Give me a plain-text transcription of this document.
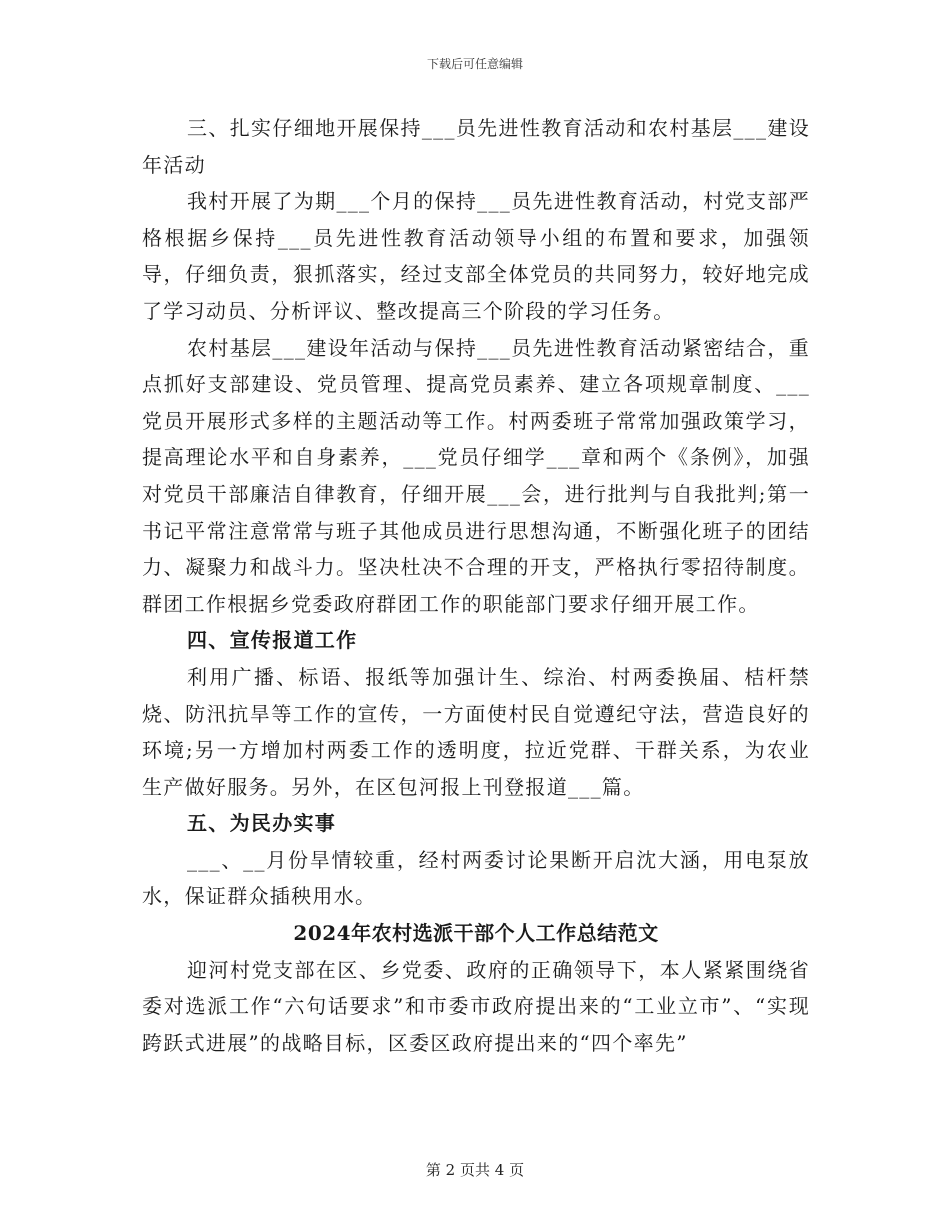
下载后可任意编辑

三、扎实仔细地开展保持___员先进性教育活动和农村基层___建设年活动

我村开展了为期___个月的保持___员先进性教育活动，村党支部严格根据乡保持___员先进性教育活动领导小组的布置和要求，加强领导，仔细负责，狠抓落实，经过支部全体党员的共同努力，较好地完成了学习动员、分析评议、整改提高三个阶段的学习任务。

农村基层___建设年活动与保持___员先进性教育活动紧密结合，重点抓好支部建设、党员管理、提高党员素养、建立各项规章制度、___党员开展形式多样的主题活动等工作。村两委班子常常加强政策学习，提高理论水平和自身素养，___党员仔细学___章和两个《条例》，加强对党员干部廉洁自律教育，仔细开展___会，进行批判与自我批判;第一书记平常注意常常与班子其他成员进行思想沟通，不断强化班子的团结力、凝聚力和战斗力。坚决杜决不合理的开支，严格执行零招待制度。群团工作根据乡党委政府群团工作的职能部门要求仔细开展工作。

四、宣传报道工作

利用广播、标语、报纸等加强计生、综治、村两委换届、桔杆禁烧、防汛抗旱等工作的宣传，一方面使村民自觉遵纪守法，营造良好的环境;另一方增加村两委工作的透明度，拉近党群、干群关系，为农业生产做好服务。另外，在区包河报上刊登报道___篇。

五、为民办实事

___、__月份旱情较重，经村两委讨论果断开启沈大涵，用电泵放水，保证群众插秧用水。

2024年农村选派干部个人工作总结范文

迎河村党支部在区、乡党委、政府的正确领导下，本人紧紧围绕省委对选派工作“六句话要求”和市委市政府提出来的“工业立市”、“实现跨跃式进展”的战略目标，区委区政府提出来的“四个率先”

第 2 页共 4 页
